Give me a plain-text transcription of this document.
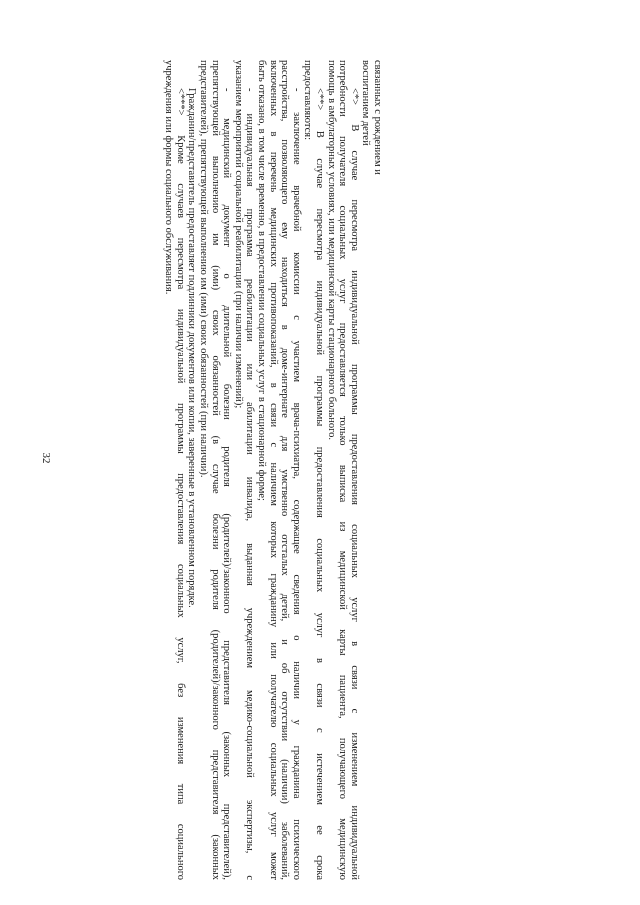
32
связанных с рождением и
воспитанием детей
<*> В случае пересмотра индивидуальной программы предоставления социальных услуг в связи с изменением индивидуальной
потребности получателя социальных услуг предоставляется только выписка из медицинской карты пациента, получающего медицинскую
помощь в амбулаторных условиях, или медицинской карты стационарного больного.
<**> В случае пересмотра индивидуальной программы предоставления социальных услуг в связи с истечением ее срока
предоставляются:
- заключение врачебной комиссии с участием врача-психиатра, содержащее сведения о наличии у гражданина психического
расстройства, позволяющего ему находиться в доме-интернате для умственно отсталых детей, и об отсутствии (наличии) заболеваний,
включенных в перечень медицинских противопоказаний, в связи с наличием которых гражданину или получателю социальных услуг может
быть отказано, в том числе временно, в предоставлении социальных услуг в стационарной форме;
- индивидуальная программа реабилитации или абилитации инвалида, выданная учреждением медико-социальной экспертизы, с
указанием мероприятий социальной реабилитации (при наличии изменений);
- медицинский документ о длительной болезни родителя (родителей)/законного представителя (законных представителей),
препятствующей выполнению им (ими) своих обязанностей (в случае болезни родителя (родителей)/законного представителя (законных
представителей), препятствующей выполнению им (ими) своих обязанностей (при наличии).
Гражданин/представитель предоставляет подлинники документов или копии, заверенные в установленном порядке.
<***> Кроме случаев пересмотра индивидуальной программы предоставления социальных услуг, без изменения типа социального
учреждения или формы социального обслуживания.
